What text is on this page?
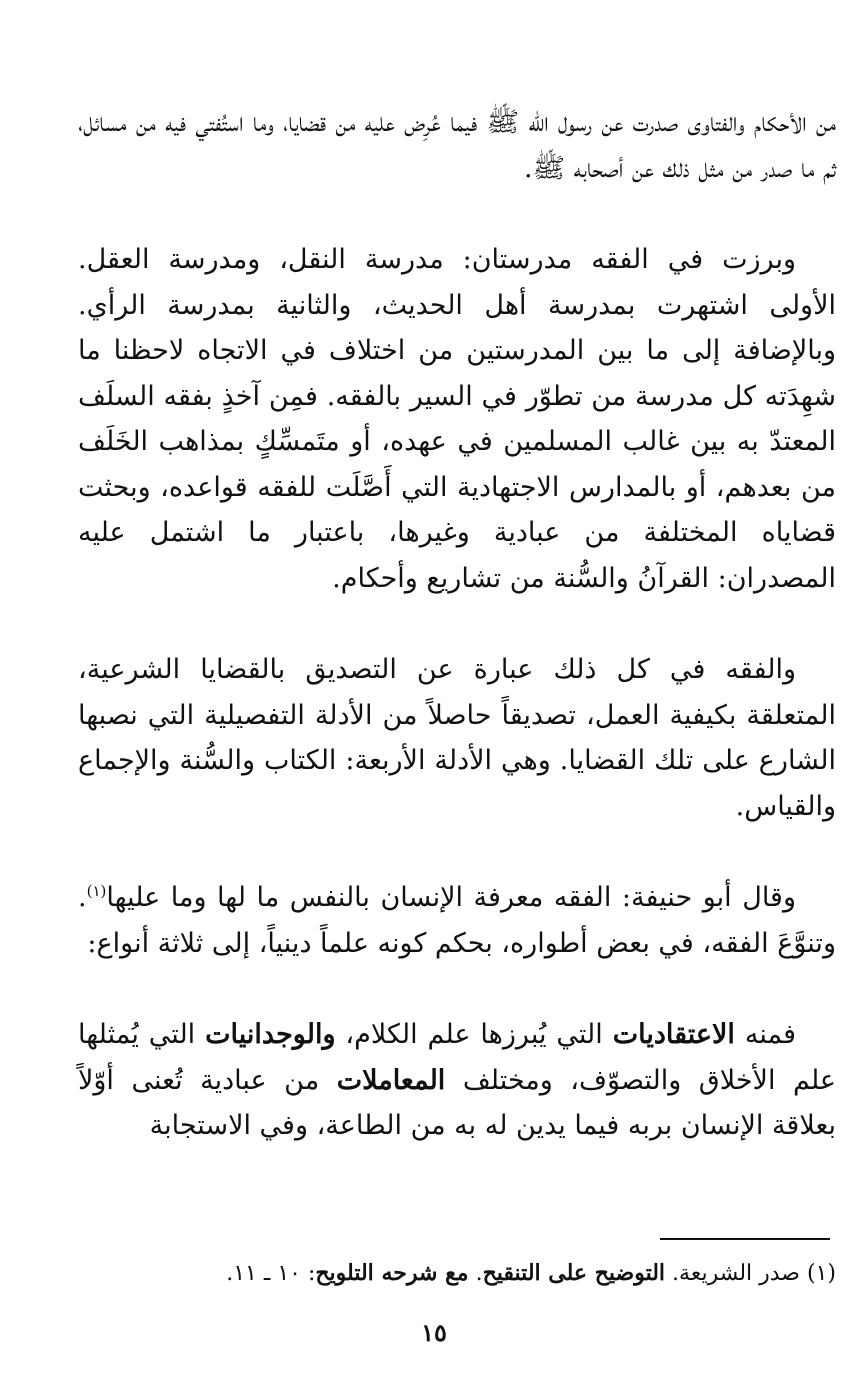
من الأحكام والفتاوى صدرت عن رسول الله ﷺ فيما عُرِض عليه من قضايا، وما استُفتي فيه من مسائل، ثم ما صدر من مثل ذلك عن أصحابه ﷺ.

وبرزت في الفقه مدرستان: مدرسة النقل، ومدرسة العقل. الأولى اشتهرت بمدرسة أهل الحديث، والثانية بمدرسة الرأي. وبالإضافة إلى ما بين المدرستين من اختلاف في الاتجاه لاحظنا ما شهِدَته كل مدرسة من تطوّر في السير بالفقه. فمِن آخذٍ بفقه السلَف المعتدّ به بين غالب المسلمين في عهده، أو متَمسِّكٍ بمذاهب الخَلَف من بعدهم، أو بالمدارس الاجتهادية التي أَصَّلَت للفقه قواعده، وبحثت قضاياه المختلفة من عبادية وغيرها، باعتبار ما اشتمل عليه المصدران: القرآنُ والسُّنة من تشاريع وأحكام.

والفقه في كل ذلك عبارة عن التصديق بالقضايا الشرعية، المتعلقة بكيفية العمل، تصديقاً حاصلاً من الأدلة التفصيلية التي نصبها الشارع على تلك القضايا. وهي الأدلة الأربعة: الكتاب والسُّنة والإجماع والقياس.

وقال أبو حنيفة: الفقه معرفة الإنسان بالنفس ما لها وما عليها$^{(١)}$. وتنوَّعَ الفقه، في بعض أطواره، بحكم كونه علماً دينياً، إلى ثلاثة أنواع:

فمنه الاعتقاديات التي يُبرزها علم الكلام، والوجدانيات التي يُمثلها علم الأخلاق والتصوّف، ومختلف المعاملات من عبادية تُعنى أوّلاً بعلاقة الإنسان بربه فيما يدين له به من الطاعة، وفي الاستجابة

(١) صدر الشريعة. التوضيح على التنقيح. مع شرحه التلويح: ١٠ ـ ١١.
١٥
